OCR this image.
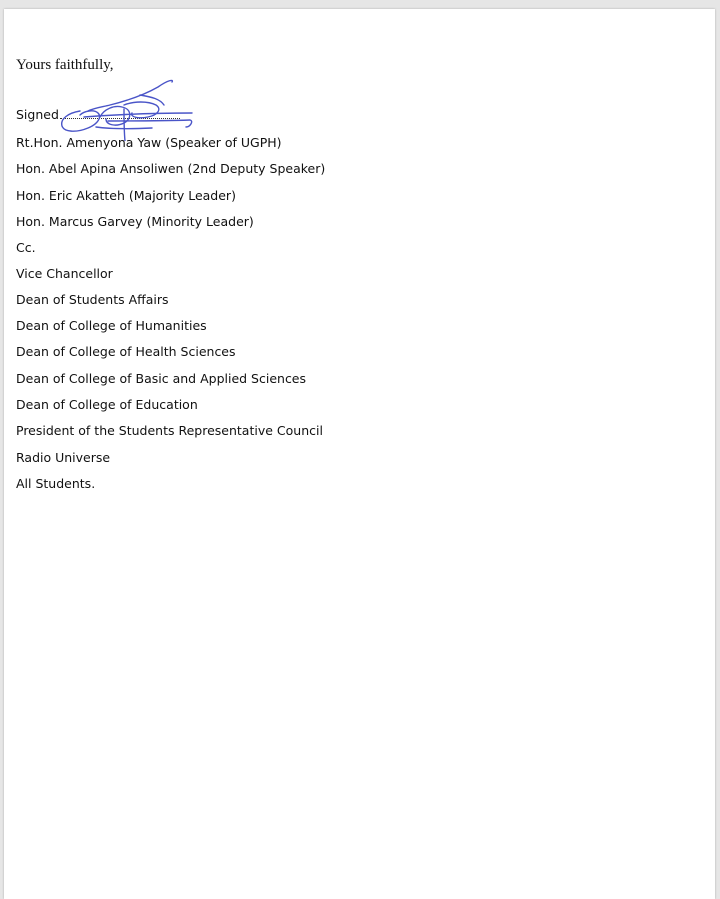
Yours faithfully,
Signed
Rt.Hon. Amenyona Yaw (Speaker of UGPH)
Hon. Abel Apina Ansoliwen (2nd Deputy Speaker)
Hon. Eric Akatteh (Majority Leader)
Hon. Marcus Garvey (Minority Leader)
Cc.
Vice Chancellor
Dean of Students Affairs
Dean of College of Humanities
Dean of College of Health Sciences
Dean of College of Basic and Applied Sciences
Dean of College of Education
President of the Students Representative Council
Radio Universe
All Students.
